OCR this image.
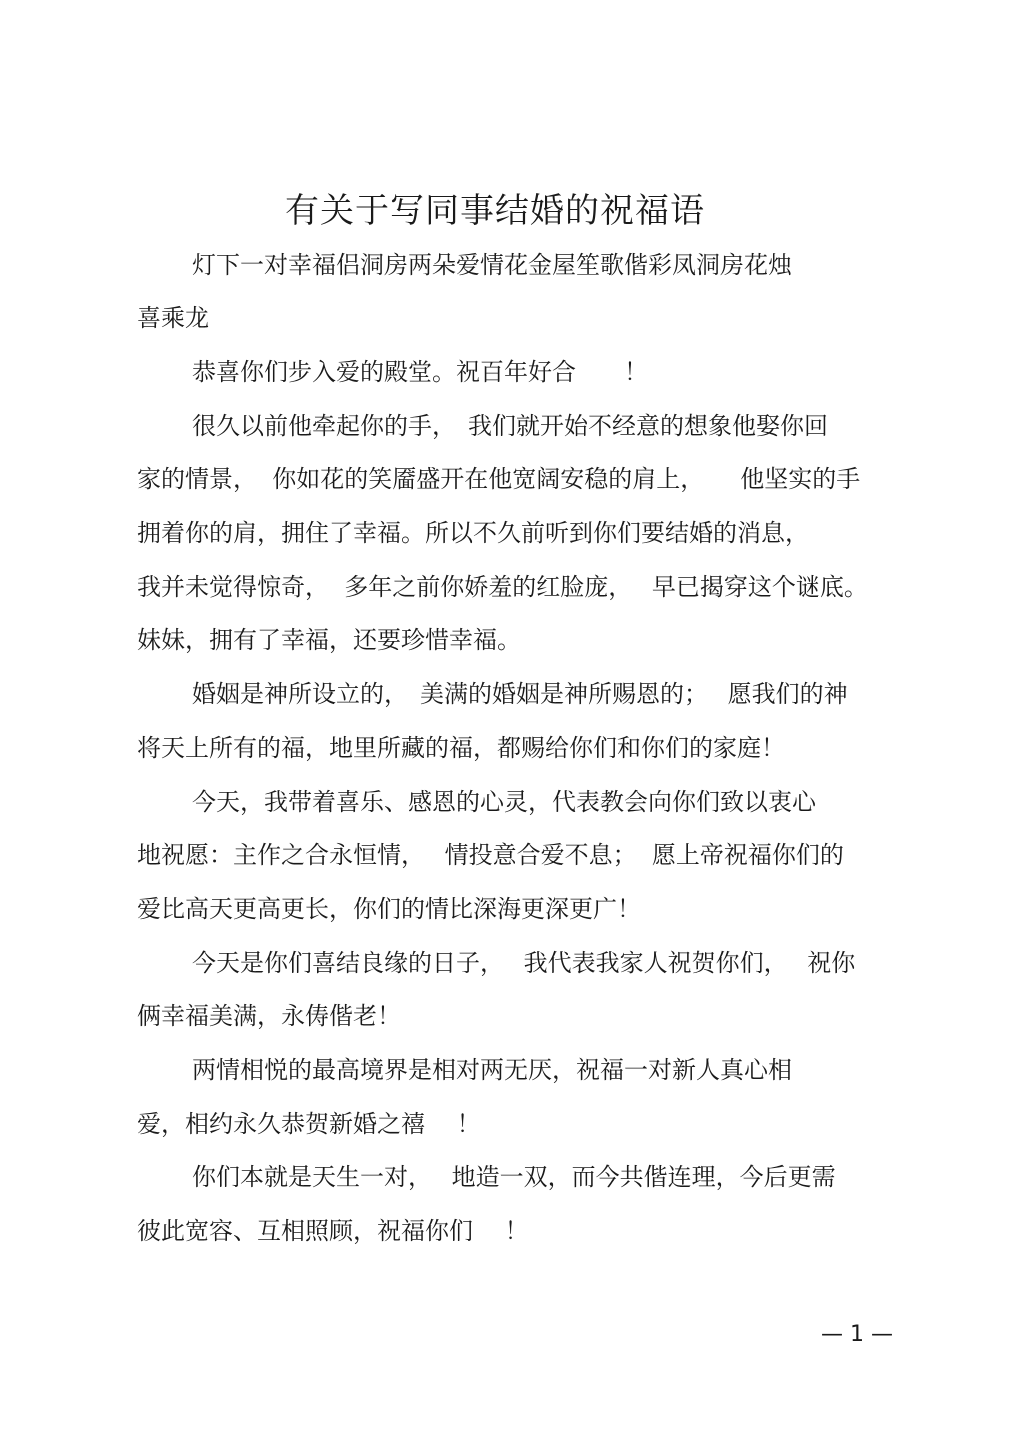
有关于写同事结婚的祝福语
灯下一对幸福侣洞房两朵爱情花金屋笙歌偕彩凤洞房花烛
喜乘龙
恭喜你们步入爱的殿堂。祝百年好合　　！
很久以前他牵起你的手，　我们就开始不经意的想象他娶你回
家的情景，  你如花的笑靥盛开在他宽阔安稳的肩上，　　他坚实的手
拥着你的肩，拥住了幸福。所以不久前听到你们要结婚的消息，
我并未觉得惊奇，  多年之前你娇羞的红脸庞，　 早已揭穿这个谜底。
妹妹，拥有了幸福，还要珍惜幸福。
婚姻是神所设立的，　美满的婚姻是神所赐恩的；　 愿我们的神
将天上所有的福，地里所藏的福，都赐给你们和你们的家庭！
今天，我带着喜乐、感恩的心灵，代表教会向你们致以衷心
地祝愿：主作之合永恒情，　 情投意合爱不息；  愿上帝祝福你们的
爱比高天更高更长，你们的情比深海更深更广！
今天是你们喜结良缘的日子，　 我代表我家人祝贺你们，　 祝你
俩幸福美满，永俦偕老！
两情相悦的最高境界是相对两无厌，祝福一对新人真心相
爱，相约永久恭贺新婚之禧　 ！
你们本就是天生一对，　 地造一双，而今共偕连理，今后更需
彼此宽容、互相照顾，祝福你们　 ！
— 1 —
